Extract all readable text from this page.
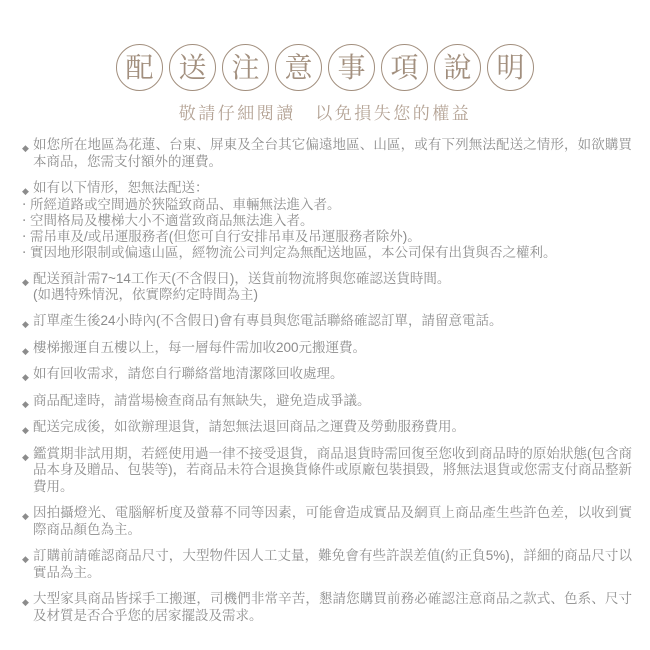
配 送 注 意 事 項 說 明
敬請仔細閱讀　以免損失您的權益
◆ 如您所在地區為花蓮、台東、屏東及全台其它偏遠地區、山區，或有下列無法配送之情形，如欲購買本商品，您需支付額外的運費。
◆ 如有以下情形，恕無法配送：
‧ 所經道路或空間過於狹隘致商品、車輛無法進入者。
‧ 空間格局及樓梯大小不適當致商品無法進入者。
‧ 需吊車及/或吊運服務者(但您可自行安排吊車及吊運服務者除外)。
‧ 實因地形限制或偏遠山區，經物流公司判定為無配送地區，本公司保有出貨與否之權利。
◆ 配送預計需7~14工作天(不含假日)，送貨前物流將與您確認送貨時間。
(如遇特殊情況，依實際約定時間為主)
◆ 訂單產生後24小時內(不含假日)會有專員與您電話聯絡確認訂單，請留意電話。
◆ 樓梯搬運自五樓以上，每一層每件需加收200元搬運費。
◆ 如有回收需求，請您自行聯絡當地清潔隊回收處理。
◆ 商品配達時，請當場檢查商品有無缺失，避免造成爭議。
◆ 配送完成後，如欲辦理退貨，請恕無法退回商品之運費及勞動服務費用。
◆ 鑑賞期非試用期，若經使用過一律不接受退貨，商品退貨時需回復至您收到商品時的原始狀態(包含商品本身及贈品、包裝等)，若商品未符合退換貨條件或原廠包裝損毀，將無法退貨或您需支付商品整新費用。
◆ 因拍攝燈光、電腦解析度及螢幕不同等因素，可能會造成實品及網頁上商品產生些許色差，以收到實際商品顏色為主。
◆ 訂購前請確認商品尺寸，大型物件因人工丈量，難免會有些許誤差值(約正負5%)，詳細的商品尺寸以實品為主。
◆ 大型家具商品皆採手工搬運，司機們非常辛苦，懇請您購買前務必確認注意商品之款式、色系、尺寸及材質是否合乎您的居家擺設及需求。
